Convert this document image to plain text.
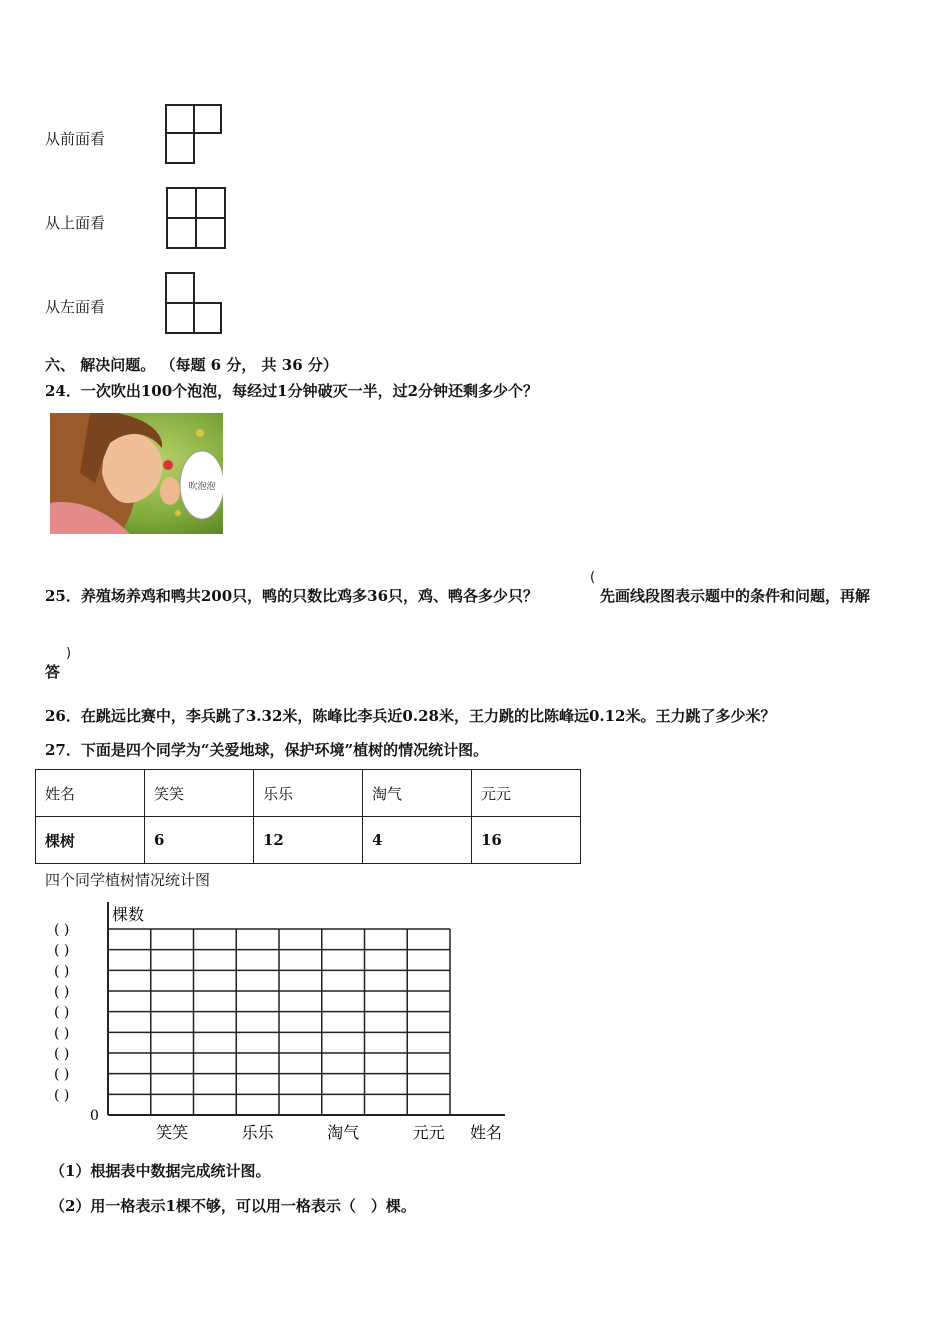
从前面看
从上面看
从左面看
六、 解决问题。 （每题 6 分， 共 36 分）
24．一次吹出100个泡泡，每经过1分钟破灭一半，过2分钟还剩多少个？
吹泡泡
25．养殖场养鸡和鸭共200只，鸭的只数比鸡多36只，鸡、鸭各多少只？
(
先画线段图表示题中的条件和问题，再解
答
)
26．在跳远比赛中，李兵跳了3.32米，陈峰比李兵近0.28米，王力跳的比陈峰远0.12米。王力跳了多少米？
27．下面是四个同学为“关爱地球，保护环境”植树的情况统计图。
姓名	笑笑	乐乐	淘气	元元
棵树	6	12	4	16
四个同学植树情况统计图
棵数
姓名
( )
( )
( )
( )
( )
( )
( )
( )
( )
0
笑笑	乐乐	淘气	元元
（1）根据表中数据完成统计图。
（2）用一格表示1棵不够，可以用一格表示（　）棵。
